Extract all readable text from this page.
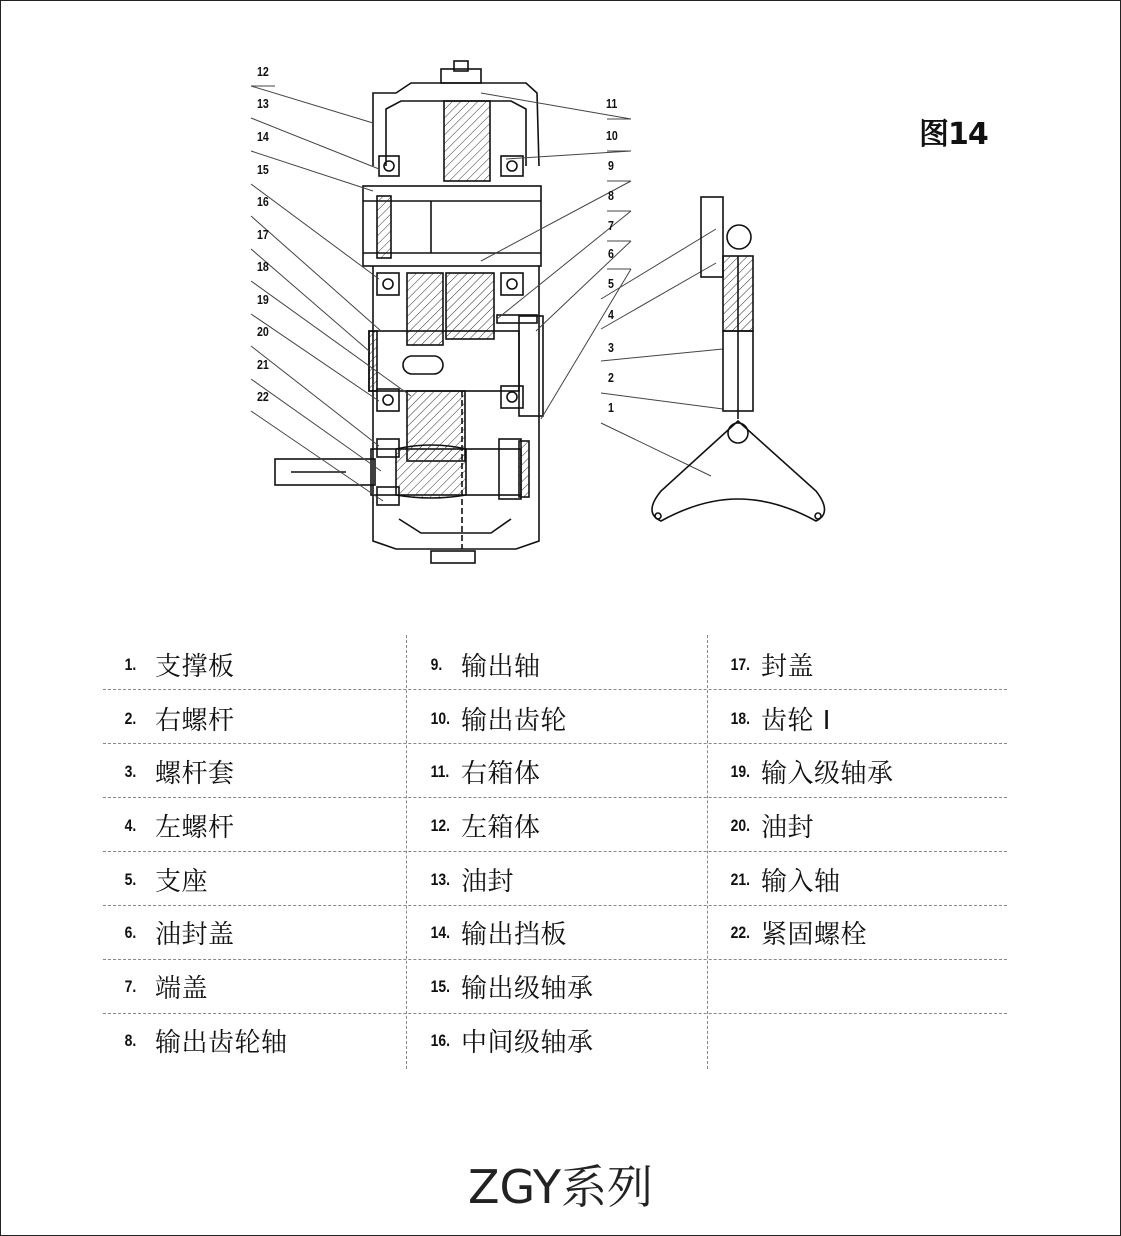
12
13
14
15
16
17
18
19
20
21
22
11
10
9
8
7
6
5
4
3
2
1
图14
1. 支撑板
2. 右螺杆
3. 螺杆套
4. 左螺杆
5. 支座
6. 油封盖
7. 端盖
8. 输出齿轮轴
9. 输出轴
10. 输出齿轮
11. 右箱体
12. 左箱体
13. 油封
14. 输出挡板
15. 输出级轴承
16. 中间级轴承
17. 封盖
18. 齿轮 I
19. 输入级轴承
20. 油封
21. 输入轴
22. 紧固螺栓
ZGY系列
